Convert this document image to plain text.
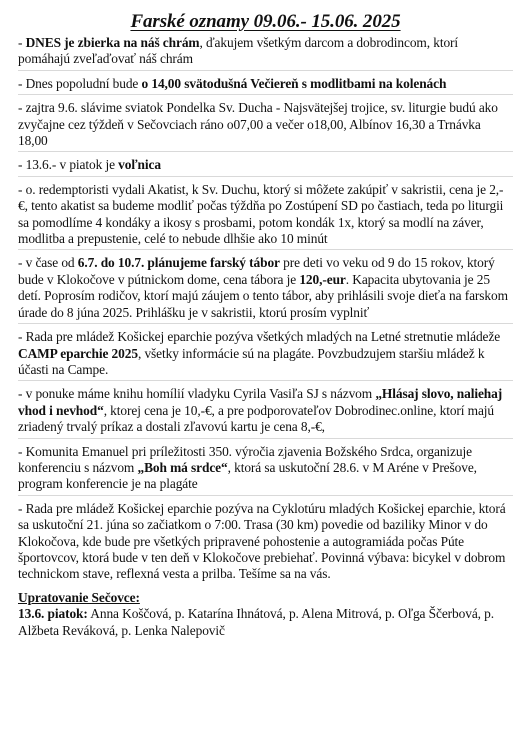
Farské oznamy 09.06.- 15.06. 2025

- DNES je zbierka na náš chrám, ďakujem všetkým darcom a dobrodincom, ktorí pomáhajú zveľaďovať náš chrám

- Dnes popoludní bude o 14,00 svätodušná Večiereň s modlitbami na kolenách

- zajtra 9.6. slávime sviatok Pondelka Sv. Ducha - Najsvätejšej trojice, sv. liturgie budú ako zvyčajne cez týždeň v Sečovciach ráno o07,00 a večer o18,00, Albínov 16,30 a Trnávka 18,00

- 13.6.- v piatok je voľnica

- o. redemptoristi vydali Akatist, k Sv. Duchu, ktorý si môžete zakúpiť v sakristii, cena je 2,-€, tento akatist sa budeme modliť počas týždňa po Zostúpení SD po častiach, teda po liturgii sa pomodlíme 4 kondáky a ikosy s prosbami, potom kondák 1x, ktorý sa modlí na záver, modlitba a prepustenie, celé to nebude dlhšie ako 10 minút

- v čase od 6.7. do 10.7. plánujeme farský tábor pre deti vo veku od 9 do 15 rokov, ktorý bude v Klokočove v pútnickom dome, cena tábora je 120,-eur. Kapacita ubytovania je 25 detí. Poprosím rodičov, ktorí majú záujem o tento tábor, aby prihlásili svoje dieťa na farskom úrade do 8 júna 2025. Prihlášku je v sakristii, ktorú prosím vyplniť

- Rada pre mládež Košickej eparchie pozýva všetkých mladých na Letné stretnutie mládeže CAMP eparchie 2025, všetky informácie sú na plagáte. Povzbudzujem staršiu mládež k účasti na Campe.

- v ponuke máme knihu homílií vladyku Cyrila Vasiľa SJ s názvom „Hlásaj slovo, naliehaj vhod i nevhod“, ktorej cena je 10,-€, a pre podporovateľov Dobrodinec.online, ktorí majú zriadený trvalý príkaz a dostali zľavovú kartu je cena 8,-€,

- Komunita Emanuel pri príležitosti 350. výročia zjavenia Božského Srdca, organizuje konferenciu s názvom „Boh má srdce“, ktorá sa uskutoční 28.6. v M Aréne v Prešove, program konferencie je na plagáte

- Rada pre mládež Košickej eparchie pozýva na Cyklotúru mladých Košickej eparchie, ktorá sa uskutoční 21. júna so začiatkom o 7:00. Trasa (30 km) povedie od baziliky Minor v do Klokočova, kde bude pre všetkých pripravené pohostenie a autogramiáda počas Púte športovcov, ktorá bude v ten deň v Klokočove prebiehať. Povinná výbava: bicykel v dobrom technickom stave, reflexná vesta a prilba. Tešíme sa na vás.

Upratovanie Sečovce:

13.6. piatok: Anna Koščová, p. Katarína Ihnátová, p. Alena Mitrová, p. Oľga Ščerbová, p. Alžbeta Reváková, p. Lenka Nalepovič
